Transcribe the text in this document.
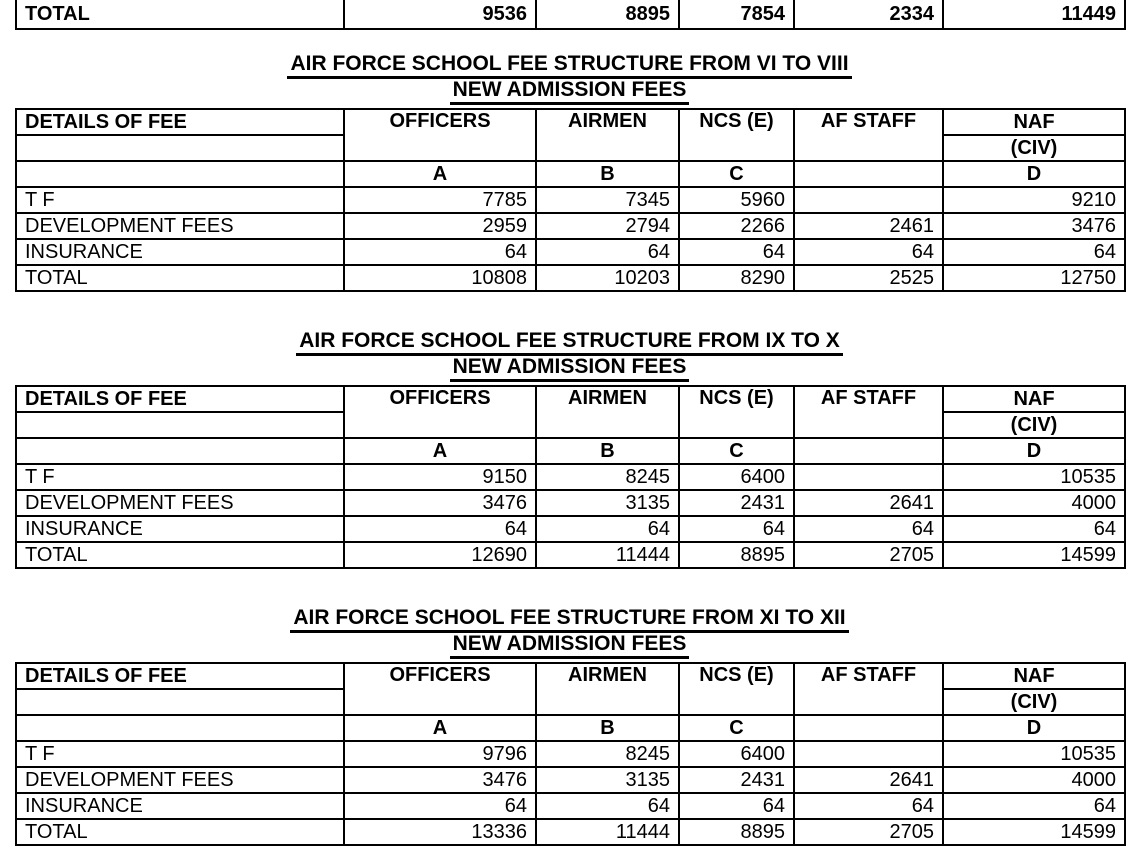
TOTAL	9536	8895	7854	2334	11449
AIR FORCE SCHOOL FEE STRUCTURE FROM VI TO VIII
NEW ADMISSION FEES
DETAILS OF FEE	OFFICERS	AIRMEN	NCS (E)	AF STAFF	NAF
					(CIV)
	A	B	C		D
T F	7785	7345	5960		9210
DEVELOPMENT FEES	2959	2794	2266	2461	3476
INSURANCE	64	64	64	64	64
TOTAL	10808	10203	8290	2525	12750
AIR FORCE SCHOOL FEE STRUCTURE FROM IX TO X
NEW ADMISSION FEES
DETAILS OF FEE	OFFICERS	AIRMEN	NCS (E)	AF STAFF	NAF
					(CIV)
	A	B	C		D
T F	9150	8245	6400		10535
DEVELOPMENT FEES	3476	3135	2431	2641	4000
INSURANCE	64	64	64	64	64
TOTAL	12690	11444	8895	2705	14599
AIR FORCE SCHOOL FEE STRUCTURE FROM XI TO XII
NEW ADMISSION FEES
DETAILS OF FEE	OFFICERS	AIRMEN	NCS (E)	AF STAFF	NAF
					(CIV)
	A	B	C		D
T F	9796	8245	6400		10535
DEVELOPMENT FEES	3476	3135	2431	2641	4000
INSURANCE	64	64	64	64	64
TOTAL	13336	11444	8895	2705	14599
